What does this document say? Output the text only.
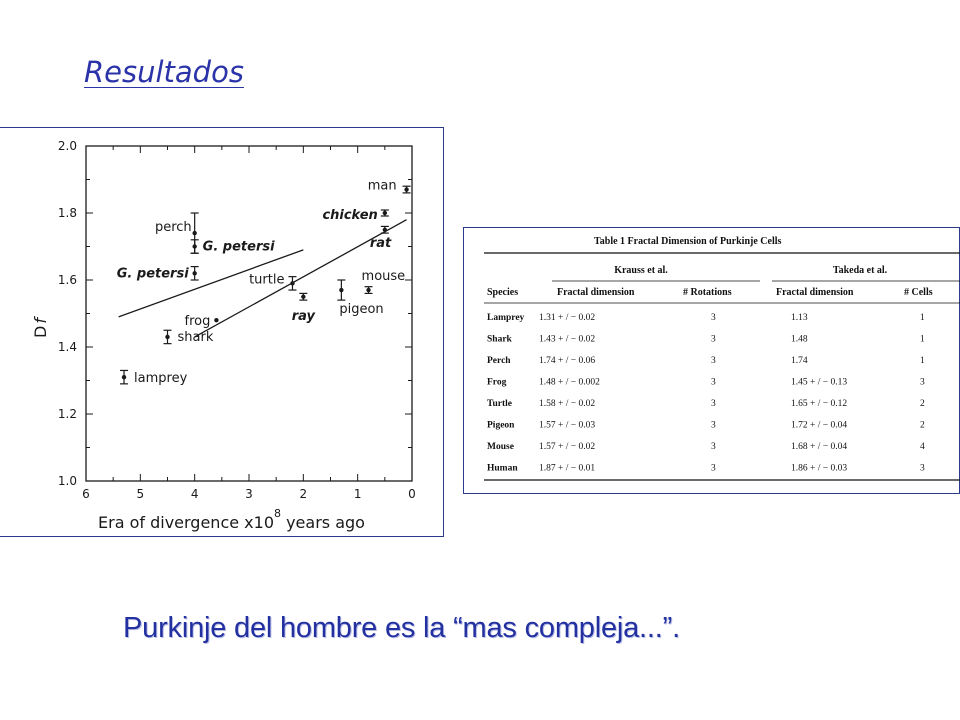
Resultados
6	5	4	3	2	1	0
1.0
1.2
1.4
1.6
1.8
2.0
Era of divergence $x10^8$ years ago
Df
lamprey
shark
perch
G. petersi
G. petersi
frog
turtle
ray pigeon
mouse
chicken
rat
man
Table 1 Fractal Dimension of Purkinje Cells
Krauss et al.	Takeda et al.
Species	Fractal dimension	# Rotations	Fractal dimension	# Cells
Lamprey 1.31 + / − 0.02	3	1.13	1
Shark	1.43 + / − 0.02	3	1.48	1
Perch	1.74 + / − 0.06	3	1.74	1
Frog	1.48 + / − 0.002	3	1.45 + / − 0.13	3
Turtle	1.58 + / − 0.02	3	1.65 + / − 0.12	2
Pigeon	1.57 + / − 0.03	3	1.72 + / − 0.04	2
Mouse	1.57 + / − 0.02	3	1.68 + / − 0.04	4
Human 1.87 + / − 0.01	3	1.86 + / − 0.03	3
Purkinje del hombre es la “mas compleja...”.
